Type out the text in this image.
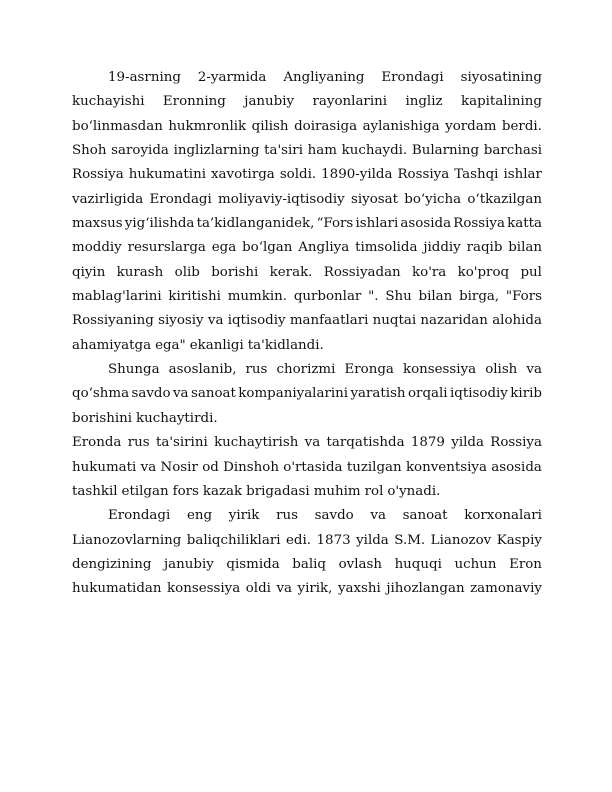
19-asrning 2-yarmida Angliyaning Erondagi siyosatining
kuchayishi Eronning janubiy rayonlarini ingliz kapitalining
bo‘linmasdan hukmronlik qilish doirasiga aylanishiga yordam berdi.
Shoh saroyida inglizlarning ta'siri ham kuchaydi. Bularning barchasi
Rossiya hukumatini xavotirga soldi. 1890-yilda Rossiya Tashqi ishlar
vazirligida Erondagi moliyaviy-iqtisodiy siyosat bo‘yicha o‘tkazilgan
maxsus yig‘ilishda ta’kidlanganidek, “Fors ishlari asosida Rossiya katta
moddiy resurslarga ega bo‘lgan Angliya timsolida jiddiy raqib bilan
qiyin kurash olib borishi kerak. Rossiyadan ko'ra ko'proq pul
mablag'larini kiritishi mumkin. qurbonlar ". Shu bilan birga, "Fors
Rossiyaning siyosiy va iqtisodiy manfaatlari nuqtai nazaridan alohida
ahamiyatga ega" ekanligi ta'kidlandi.
Shunga asoslanib, rus chorizmi Eronga konsessiya olish va
qo‘shma savdo va sanoat kompaniyalarini yaratish orqali iqtisodiy kirib
borishini kuchaytirdi.
Eronda rus ta'sirini kuchaytirish va tarqatishda 1879 yilda Rossiya
hukumati va Nosir od Dinshoh o'rtasida tuzilgan konventsiya asosida
tashkil etilgan fors kazak brigadasi muhim rol o'ynadi.
Erondagi eng yirik rus savdo va sanoat korxonalari
Lianozovlarning baliqchiliklari edi. 1873 yilda S.M. Lianozov Kaspiy
dengizining janubiy qismida baliq ovlash huquqi uchun Eron
hukumatidan konsessiya oldi va yirik, yaxshi jihozlangan zamonaviy
